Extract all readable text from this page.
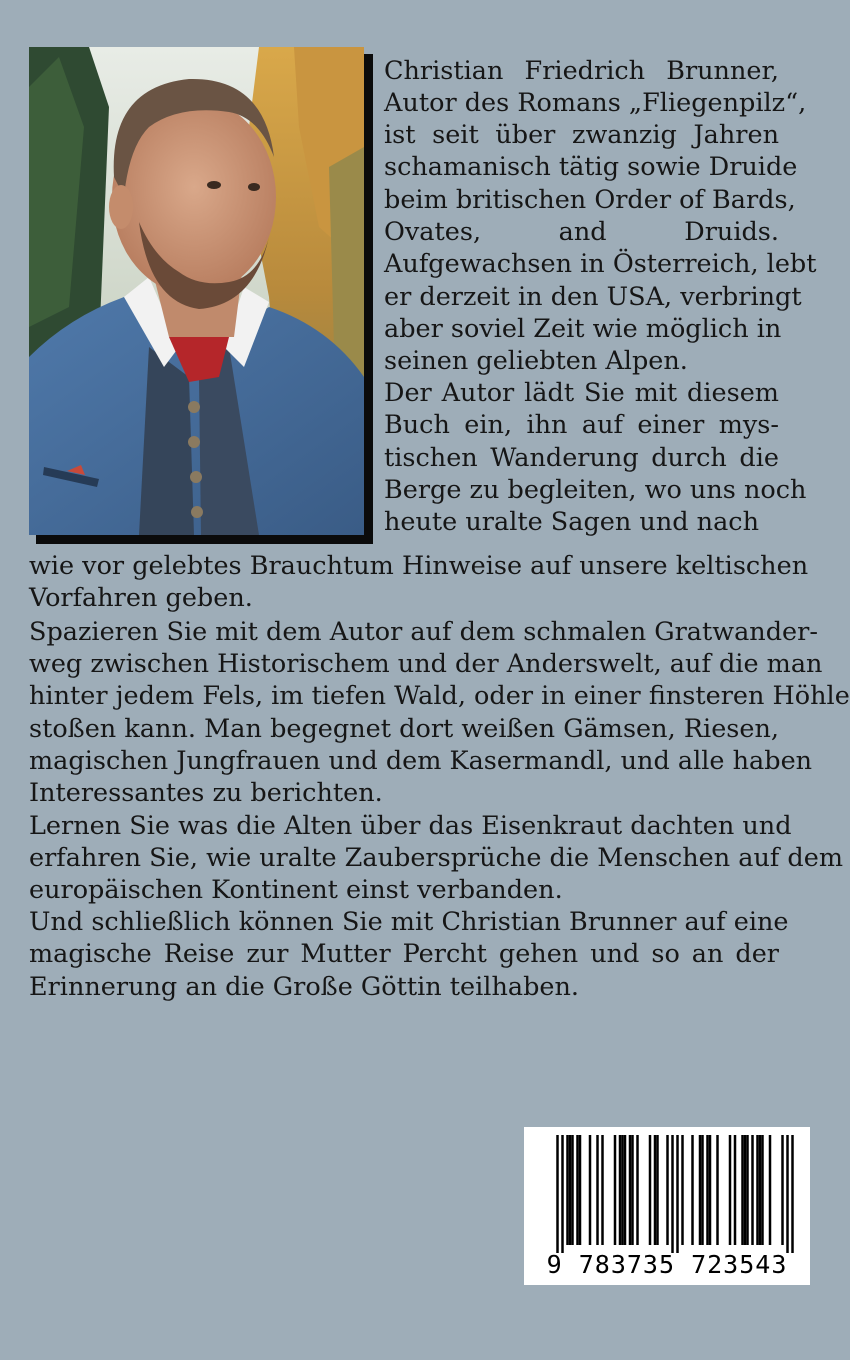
Christian Friedrich Brunner,
Autor des Romans „Fliegenpilz“,
ist seit über zwanzig Jahren
schamanisch tätig sowie Druide
beim britischen Order of Bards,
Ovates, and Druids.
Aufgewachsen in Österreich, lebt
er derzeit in den USA, verbringt
aber soviel Zeit wie möglich in
seinen geliebten Alpen.
Der Autor lädt Sie mit diesem
Buch ein, ihn auf einer mys-
tischen Wanderung durch die
Berge zu begleiten, wo uns noch
heute uralte Sagen und nach
wie vor gelebtes Brauchtum Hinweise auf unsere keltischen
Vorfahren geben.
Spazieren Sie mit dem Autor auf dem schmalen Gratwander-
weg zwischen Historischem und der Anderswelt, auf die man
hinter jedem Fels, im tiefen Wald, oder in einer finsteren Höhle
stoßen kann. Man begegnet dort weißen Gämsen, Riesen,
magischen Jungfrauen und dem Kasermandl, und alle haben
Interessantes zu berichten.
Lernen Sie was die Alten über das Eisenkraut dachten und
erfahren Sie, wie uralte Zaubersprüche die Menschen auf dem
europäischen Kontinent einst verbanden.
Und schließlich können Sie mit Christian Brunner auf eine
magische Reise zur Mutter Percht gehen und so an der
Erinnerung an die Große Göttin teilhaben.
9 783735 723543
